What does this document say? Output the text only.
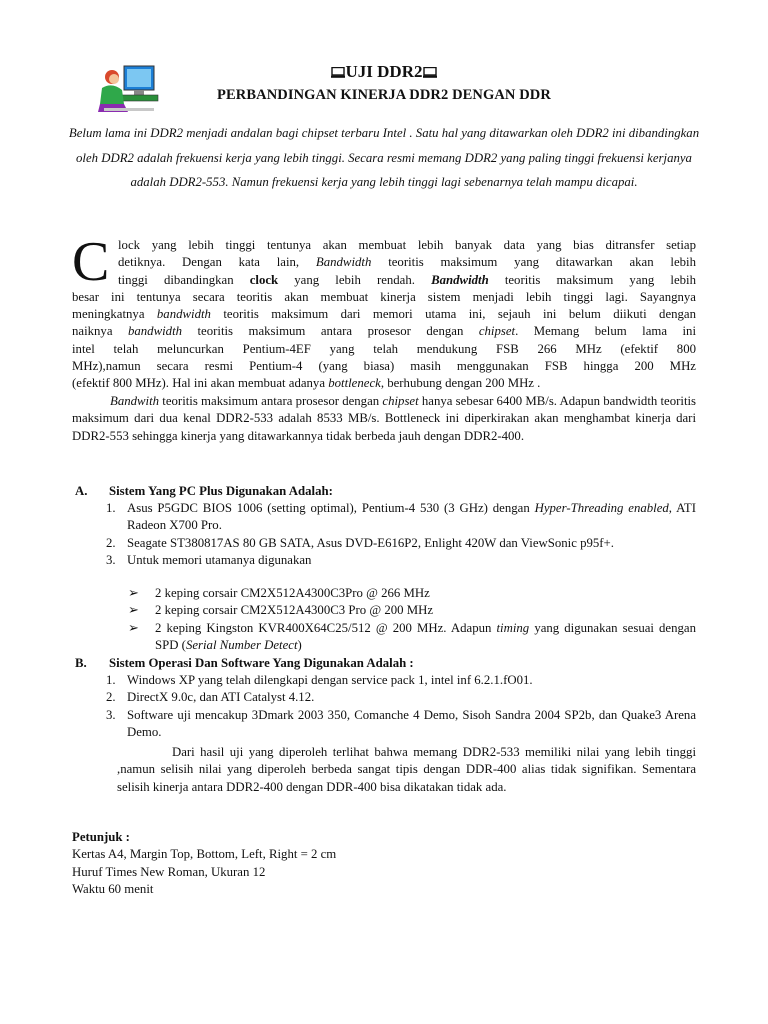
UJI DDR2
PERBANDINGAN KINERJA DDR2 DENGAN DDR

Belum lama ini DDR2 menjadi andalan bagi chipset terbaru Intel . Satu hal yang ditawarkan oleh DDR2 ini dibandingkan oleh DDR2 adalah frekuensi kerja yang lebih tinggi. Secara resmi memang DDR2 yang paling tinggi frekuensi kerjanya adalah DDR2-553. Namun frekuensi kerja yang lebih tinggi lagi sebenarnya telah mampu dicapai.

C lock yang lebih tinggi tentunya akan membuat lebih banyak data yang bias ditransfer setiap
detiknya. Dengan kata lain, Bandwidth teoritis maksimum yang ditawarkan akan lebih
tinggi dibandingkan clock yang lebih rendah. Bandwidth teoritis maksimum yang lebih
besar ini tentunya secara teoritis akan membuat kinerja sistem menjadi lebih tinggi lagi. Sayangnya
meningkatnya bandwidth teoritis maksimum dari memori utama ini, sejauh ini belum diikuti dengan
naiknya bandwidth teoritis maksimum antara prosesor dengan chipset. Memang belum lama ini
intel telah meluncurkan Pentium-4EF yang telah mendukung FSB 266 MHz (efektif 800
MHz),namun secara resmi Pentium-4 (yang biasa) masih menggunakan FSB hingga 200 MHz
(efektif 800 MHz). Hal ini akan membuat adanya bottleneck, berhubung dengan 200 MHz .

Bandwith teoritis maksimum antara prosesor dengan chipset hanya sebesar 6400 MB/s. Adapun bandwidth teoritis maksimum dari dua kenal DDR2-533 adalah 8533 MB/s. Bottleneck ini diperkirakan akan menghambat kinerja dari DDR2-553 sehingga kinerja yang ditawarkannya tidak berbeda jauh dengan DDR2-400.

A. Sistem Yang PC Plus Digunakan Adalah:
1. Asus P5GDC BIOS 1006 (setting optimal), Pentium-4 530 (3 GHz) dengan Hyper-Threading enabled, ATI Radeon X700 Pro.
2. Seagate ST380817AS 80 GB SATA, Asus DVD-E616P2, Enlight 420W dan ViewSonic p95f+.
3. Untuk memori utamanya digunakan
➢ 2 keping corsair CM2X512A4300C3Pro @ 266 MHz
➢ 2 keping corsair CM2X512A4300C3 Pro @ 200 MHz
➢ 2 keping Kingston KVR400X64C25/512 @ 200 MHz. Adapun timing yang digunakan sesuai dengan SPD (Serial Number Detect)
B. Sistem Operasi Dan Software Yang Digunakan Adalah :
1. Windows XP yang telah dilengkapi dengan service pack 1, intel inf 6.2.1.fO01.
2. DirectX 9.0c, dan ATI Catalyst 4.12.
3. Software uji mencakup 3Dmark 2003 350, Comanche 4 Demo, Sisoh Sandra 2004 SP2b, dan Quake3 Arena Demo.

Dari hasil uji yang diperoleh terlihat bahwa memang DDR2-533 memiliki nilai yang lebih tinggi ,namun selisih nilai yang diperoleh berbeda sangat tipis dengan DDR-400 alias tidak signifikan. Sementara selisih kinerja antara DDR2-400 dengan DDR-400 bisa dikatakan tidak ada.

Petunjuk :
Kertas A4, Margin Top, Bottom, Left, Right = 2 cm
Huruf Times New Roman, Ukuran 12
Waktu 60 menit
